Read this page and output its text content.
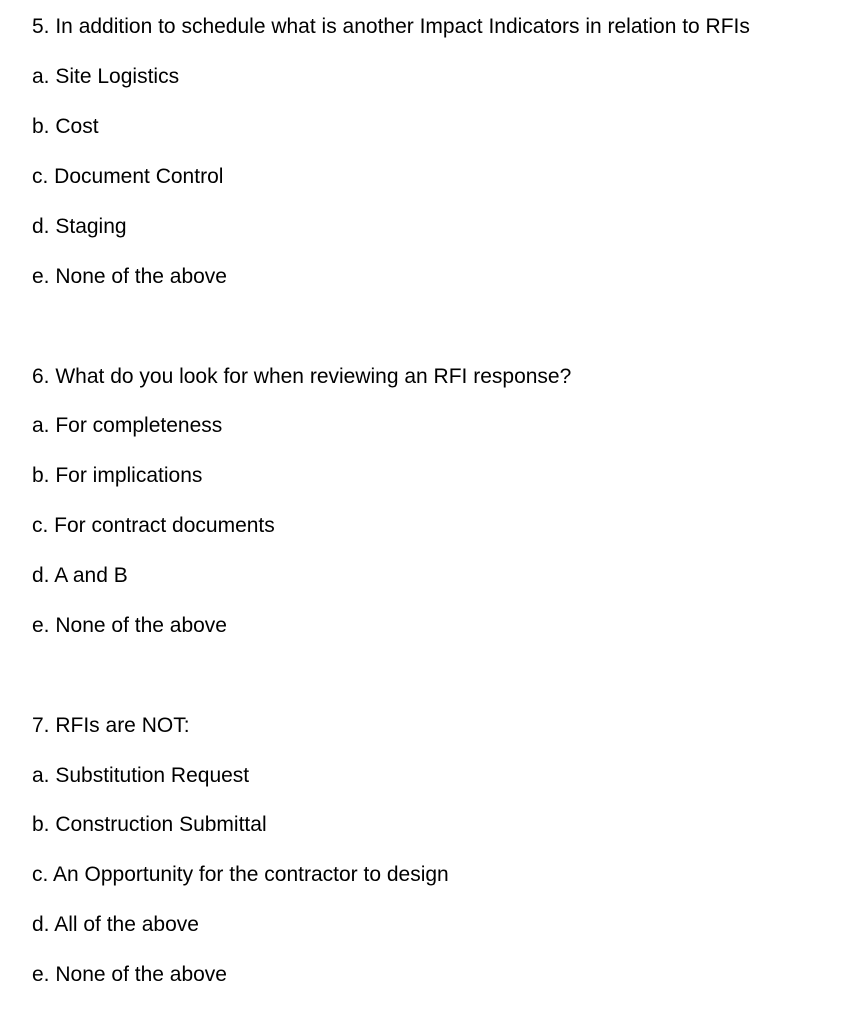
5. In addition to schedule what is another Impact Indicators in relation to RFIs
a. Site Logistics
b. Cost
c. Document Control
d. Staging
e. None of the above
6. What do you look for when reviewing an RFI response?
a. For completeness
b. For implications
c. For contract documents
d. A and B
e. None of the above
7. RFIs are NOT:
a. Substitution Request
b. Construction Submittal
c. An Opportunity for the contractor to design
d. All of the above
e. None of the above
